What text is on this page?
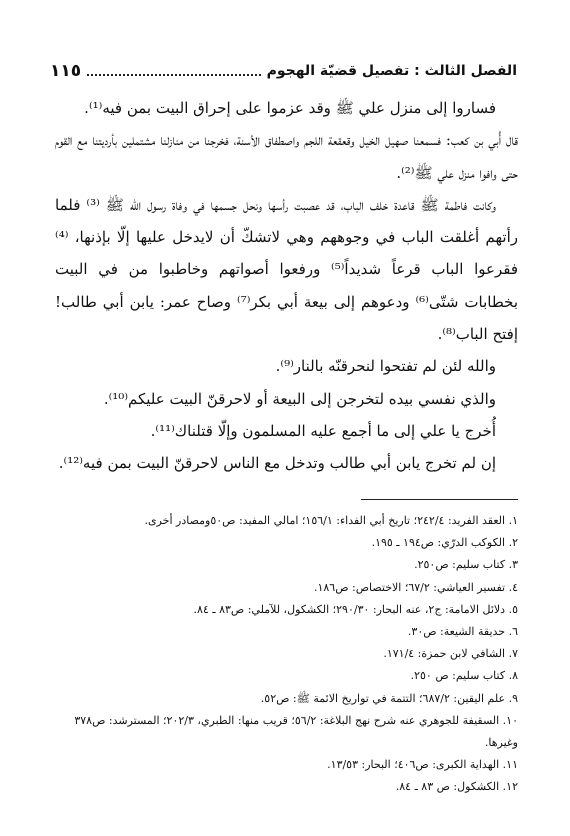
الفصل الثالث : تفصيل قضيّة الهجوم
١١٥

فساروا إلى منزل علي ﷺ وقد عزموا على إحراق البيت بمن فيه⁽¹⁾.

قال أُبي بن كعب: فسمعنا صهيل الخيل وقعقعة اللجم واصطفاق الأسنة، فخرجنا من منازلنا مشتملين بأرديتنا مع القوم حتى وافوا منزل علي ﷺ⁽²⁾.

وكانت فاطمة ﷺ قاعدة خلف الباب، قد عصبت رأسها ونحل جسمها في وفاة رسول الله ﷺ ⁽³⁾ فلما رأتهم أغلقت الباب في وجوههم وهي لاتشكّ أن لايدخل عليها إلّا بإذنها، ⁽⁴⁾ فقرعوا الباب قرعاً شديداً⁽⁵⁾ ورفعوا أصواتهم وخاطبوا من في البيت بخطابات شتّى⁽⁶⁾ ودعوهم إلى بيعة أبي بكر⁽⁷⁾ وصاح عمر: يابن أبي طالب! إفتح الباب⁽⁸⁾.

والله لئن لم تفتحوا لنحرقنّه بالنار⁽⁹⁾.

والذي نفسي بيده لتخرجن إلى البيعة أو لاحرقنّ البيت عليكم⁽¹⁰⁾.

أُخرج يا علي إلى ما أجمع عليه المسلمون وإلّا قتلناك⁽¹¹⁾.

إن لم تخرج يابن أبي طالب وتدخل مع الناس لاحرقنّ البيت بمن فيه⁽¹²⁾.

١. العقد الفريد: ٢٤٢/٤؛ تاريخ أبي الفداء: ١٥٦/١؛ امالي المفيد: ص٥٠ومصادر أخرى.

٢. الكوكب الدرّي: ص١٩٤ ـ ١٩٥.

٣. كتاب سليم: ص٢٥٠.

٤. تفسير العياشي: ٦٧/٢؛ الاختصاص: ص١٨٦.

٥. دلائل الامامة: ج٢، عنه البحار: ٢٩٠/٣٠؛ الكشكول، للآملي: ص٨٣ ـ ٨٤.

٦. حديقة الشيعة: ص٣٠.

٧. الشافي لابن حمزة: ١٧١/٤.

٨. كتاب سليم: ص ٢٥٠.

٩. علم اليقين: ٦٨٧/٢؛ التتمة في تواريخ الائمة ﷺ: ص٥٢.

١٠. السقيفة للجوهري عنه شرح نهج البلاغة: ٥٦/٢؛ قريب منها: الطبري، ٢٠٢/٣؛ المسترشد: ص٣٧٨ وغيرها.

١١. الهداية الكبرى: ص٤٠٦؛ البحار: ١٣/٥٣.

١٢. الكشكول: ص ٨٣ ـ ٨٤.
